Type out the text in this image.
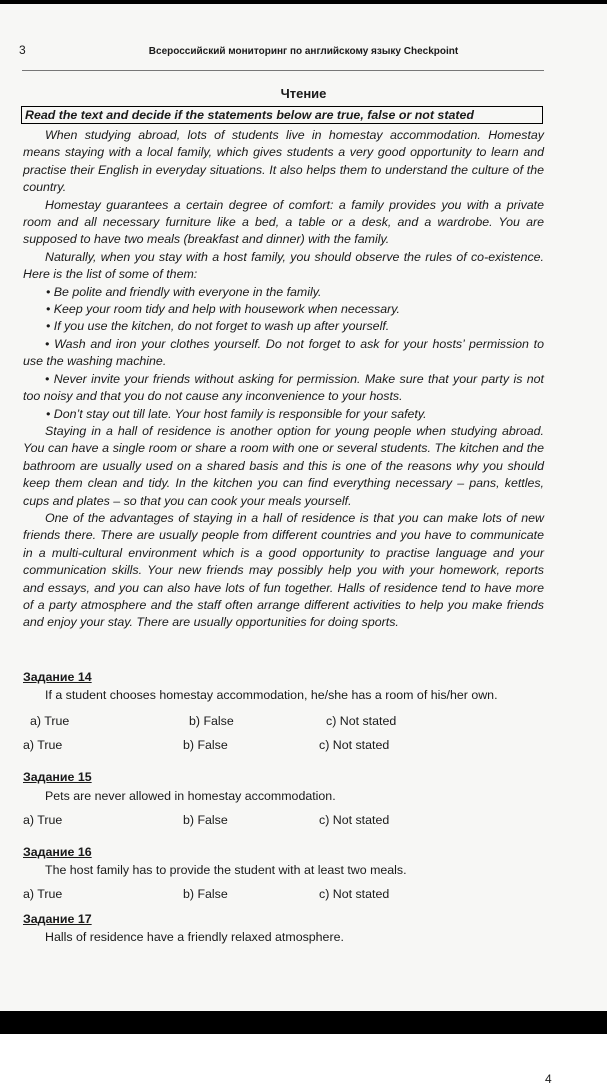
3	Всероссийский мониторинг по английскому языку Checkpoint
Чтение
Read the text and decide if the statements below are true, false or not stated

When studying abroad, lots of students live in homestay accommodation. Homestay means staying with a local family, which gives students a very good opportunity to learn and practise their English in everyday situations. It also helps them to understand the culture of the country.

Homestay guarantees a certain degree of comfort: a family provides you with a private room and all necessary furniture like a bed, a table or a desk, and a wardrobe. You are supposed to have two meals (breakfast and dinner) with the family.

Naturally, when you stay with a host family, you should observe the rules of co-existence. Here is the list of some of them:

• Be polite and friendly with everyone in the family.

• Keep your room tidy and help with housework when necessary.

• If you use the kitchen, do not forget to wash up after yourself.

• Wash and iron your clothes yourself. Do not forget to ask for your hosts’ permission to use the washing machine.

• Never invite your friends without asking for permission. Make sure that your party is not too noisy and that you do not cause any inconvenience to your hosts.

• Don’t stay out till late. Your host family is responsible for your safety.

Staying in a hall of residence is another option for young people when studying abroad. You can have a single room or share a room with one or several students. The kitchen and the bathroom are usually used on a shared basis and this is one of the reasons why you should keep them clean and tidy. In the kitchen you can find everything necessary – pans, kettles, cups and plates – so that you can cook your meals yourself.

One of the advantages of staying in a hall of residence is that you can make lots of new friends there. There are usually people from different countries and you have to communicate in a multi-cultural environment which is a good opportunity to practise language and your communication skills. Your new friends may possibly help you with your homework, reports and essays, and you can also have lots of fun together. Halls of residence tend to have more of a party atmosphere and the staff often arrange different activities to help you make friends and enjoy your stay. There are usually opportunities for doing sports.

Задание 14
If a student chooses homestay accommodation, he/she has a room of his/her own.
a) True	b) False	c) Not stated
a) True	b) False	c) Not stated
Задание 15
Pets are never allowed in homestay accommodation.
a) True	b) False	c) Not stated
Задание 16
The host family has to provide the student with at least two meals.
a) True	b) False	c) Not stated
Задание 17
Halls of residence have a friendly relaxed atmosphere.
4
